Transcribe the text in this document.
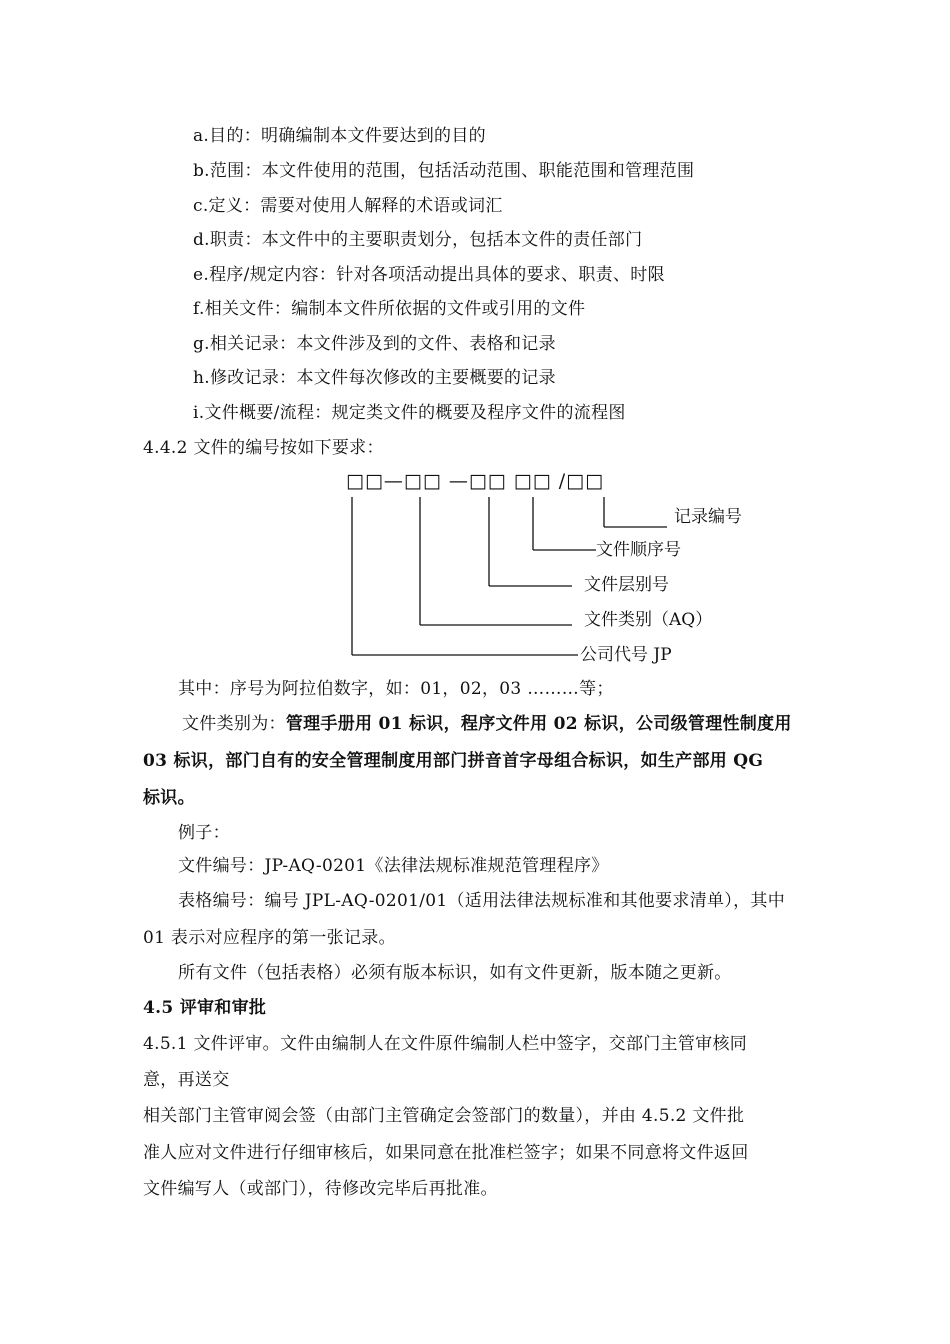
a.目的：明确编制本文件要达到的目的
b.范围：本文件使用的范围，包括活动范围、职能范围和管理范围
c.定义：需要对使用人解释的术语或词汇
d.职责：本文件中的主要职责划分，包括本文件的责任部门
e.程序/规定内容：针对各项活动提出具体的要求、职责、时限
f.相关文件：编制本文件所依据的文件或引用的文件
g.相关记录：本文件涉及到的文件、表格和记录
h.修改记录：本文件每次修改的主要概要的记录
i.文件概要/流程：规定类文件的概要及程序文件的流程图
4.4.2 文件的编号按如下要求：
□□—□□ —□□ □□ /□□
记录编号
文件顺序号
文件层别号
文件类别（AQ）
公司代号 JP
其中：序号为阿拉伯数字，如：01，02，03 ………等；
文件类别为：管理手册用 01 标识，程序文件用 02 标识，公司级管理性制度用
03 标识，部门自有的安全管理制度用部门拼音首字母组合标识，如生产部用 QG
标识。
例子：
文件编号：JP-AQ-0201《法律法规标准规范管理程序》
表格编号：编号 JPL-AQ-0201/01（适用法律法规标准和其他要求清单），其中
01 表示对应程序的第一张记录。
所有文件（包括表格）必须有版本标识，如有文件更新，版本随之更新。
4.5 评审和审批
4.5.1 文件评审。文件由编制人在文件原件编制人栏中签字，交部门主管审核同
意，再送交
相关部门主管审阅会签（由部门主管确定会签部门的数量），并由 4.5.2 文件批
准人应对文件进行仔细审核后，如果同意在批准栏签字；如果不同意将文件返回
文件编写人（或部门），待修改完毕后再批准。
